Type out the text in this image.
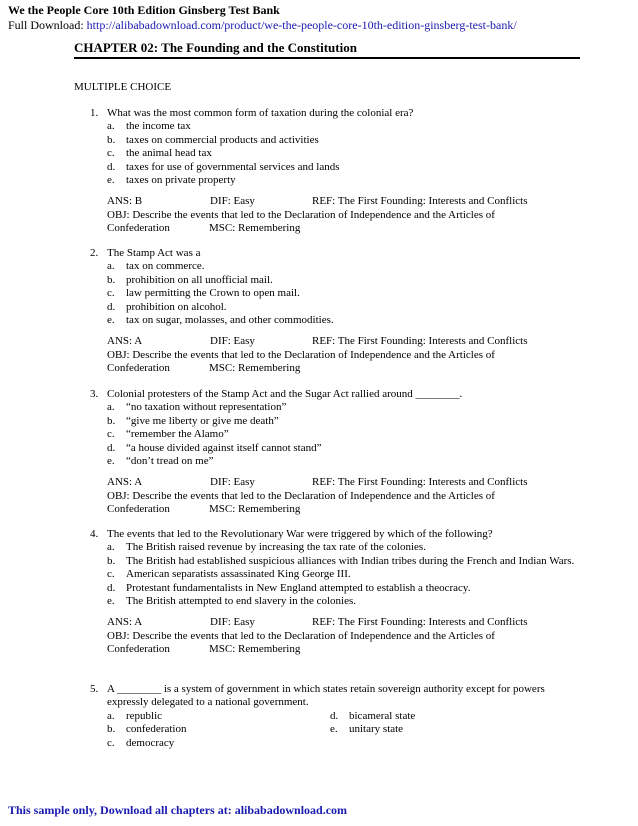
We the People Core 10th Edition Ginsberg Test Bank
Full Download: http://alibabadownload.com/product/we-the-people-core-10th-edition-ginsberg-test-bank/
CHAPTER 02: The Founding and the Constitution
MULTIPLE CHOICE
1. What was the most common form of taxation during the colonial era?
a.	the income tax
b. taxes on commercial products and activities
c.	the animal head tax
d. taxes for use of governmental services and lands
e.	taxes on private property
ANS: B	DIF: Easy	REF: The First Founding: Interests and Conflicts
OBJ: Describe the events that led to the Declaration of Independence and the Articles of
Confederation	MSC: Remembering
2. The Stamp Act was a
a.	tax on commerce.
b. prohibition on all unofficial mail.
c.	law permitting the Crown to open mail.
d. prohibition on alcohol.
e.	tax on sugar, molasses, and other commodities.
ANS: A	DIF: Easy	REF: The First Founding: Interests and Conflicts
OBJ: Describe the events that led to the Declaration of Independence and the Articles of
Confederation	MSC: Remembering
3. Colonial protesters of the Stamp Act and the Sugar Act rallied around ________.
a.	“no taxation without representation”
b. “give me liberty or give me death”
c.	“remember the Alamo”
d. “a house divided against itself cannot stand”
e.	“don’t tread on me”
ANS: A	DIF: Easy	REF: The First Founding: Interests and Conflicts
OBJ: Describe the events that led to the Declaration of Independence and the Articles of
Confederation	MSC: Remembering
4. The events that led to the Revolutionary War were triggered by which of the following?
a.	The British raised revenue by increasing the tax rate of the colonies.
b. The British had established suspicious alliances with Indian tribes during the French and Indian Wars.
c.	American separatists assassinated King George III.
d. Protestant fundamentalists in New England attempted to establish a theocracy.
e.	The British attempted to end slavery in the colonies.
ANS: A	DIF: Easy	REF: The First Founding: Interests and Conflicts
OBJ: Describe the events that led to the Declaration of Independence and the Articles of
Confederation	MSC: Remembering
5. A ________ is a system of government in which states retain sovereign authority except for powers expressly delegated to a national government.
a.	republic
b. confederation
c.	democracy
d. bicameral state
e.	unitary state
This sample only, Download all chapters at: alibabadownload.com
